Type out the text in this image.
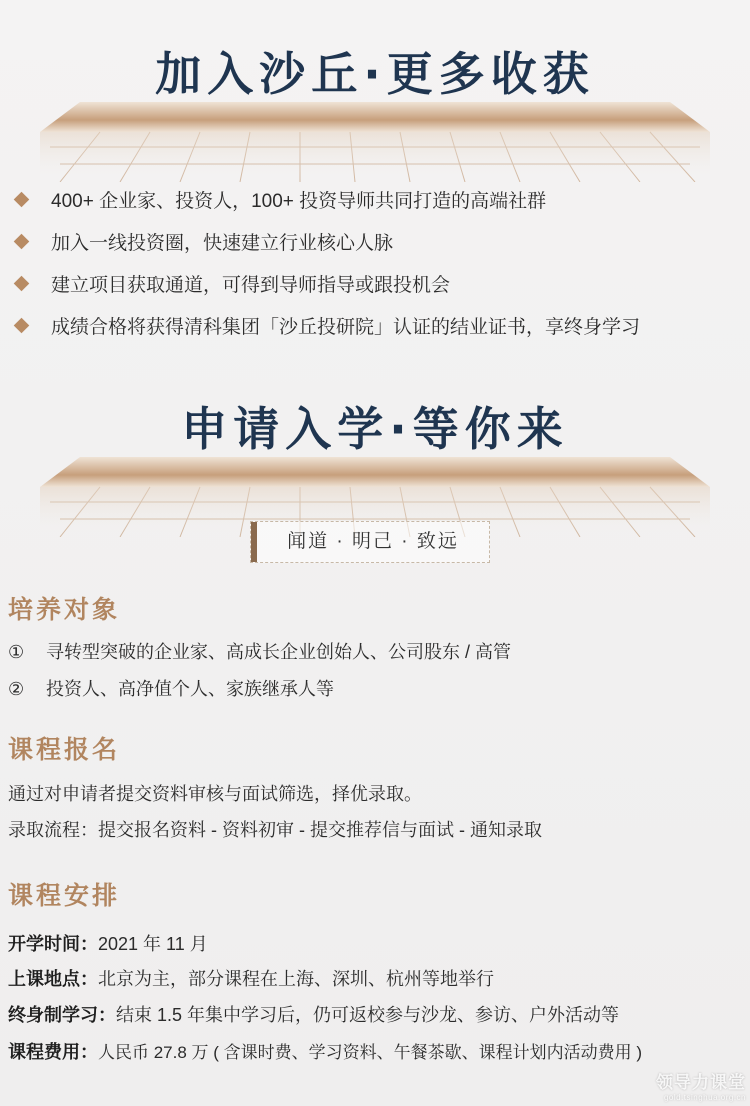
加入沙丘·更多收获
400+ 企业家、投资人，100+ 投资导师共同打造的高端社群
加入一线投资圈，快速建立行业核心人脉
建立项目获取通道，可得到导师指导或跟投机会
成绩合格将获得清科集团「沙丘投研院」认证的结业证书，享终身学习
申请入学·等你来
闻道 · 明己 · 致远
培养对象
① 寻转型突破的企业家、高成长企业创始人、公司股东 / 高管
② 投资人、高净值个人、家族继承人等
课程报名
通过对申请者提交资料审核与面试筛选，择优录取。
录取流程：提交报名资料 - 资料初审 - 提交推荐信与面试 - 通知录取
课程安排
开学时间：2021 年 11 月
上课地点：北京为主，部分课程在上海、深圳、杭州等地举行
终身制学习：结束 1.5 年集中学习后，仍可返校参与沙龙、参访、户外活动等
课程费用：人民币 27.8 万 ( 含课时费、学习资料、午餐茶歇、课程计划内活动费用 )
领导力课堂
gold.tsinghua.org.cn
